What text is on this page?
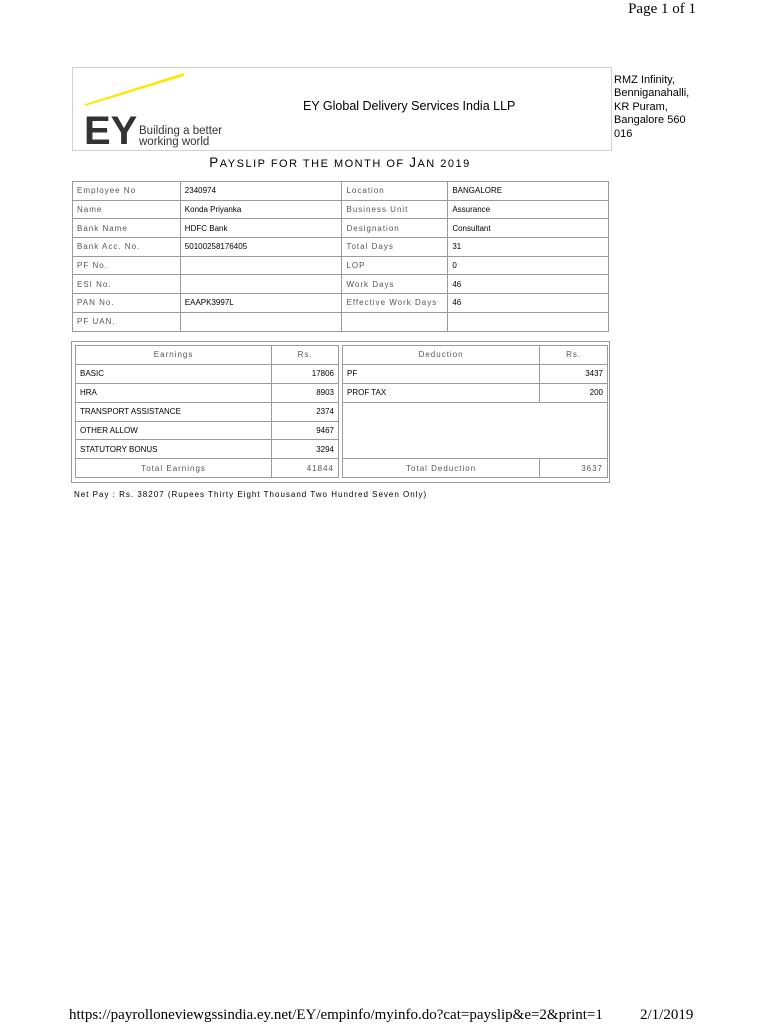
Page 1 of 1
EY Building a better
working world
EY Global Delivery Services India LLP
RMZ Infinity,
Benniganahalli,
KR Puram,
Bangalore 560
016
PAYSLIP FOR THE MONTH OF JAN 2019
Employee No	2340974	Location	BANGALORE
Name	Konda Priyanka	Business Unit	Assurance
Bank Name	HDFC Bank	Designation	Consultant
Bank Acc. No.	50100258176405	Total Days	31
PF No.		LOP	0
ESI No.		Work Days	46
PAN No.	EAAPK3997L	Effective Work Days	46
PF UAN.			
Earnings	Rs.
BASIC	17806
HRA	8903
TRANSPORT ASSISTANCE	2374
OTHER ALLOW	9467
STATUTORY BONUS	3294
Total Earnings	41844
Deduction	Rs.
PF	3437
PROF TAX	200

Total Deduction	3637
Net Pay : Rs. 38207 (Rupees Thirty Eight Thousand Two Hundred Seven Only)
https://payrolloneviewgssindia.ey.net/EY/empinfo/myinfo.do?cat=payslip&e=2&print=1 2/1/2019
